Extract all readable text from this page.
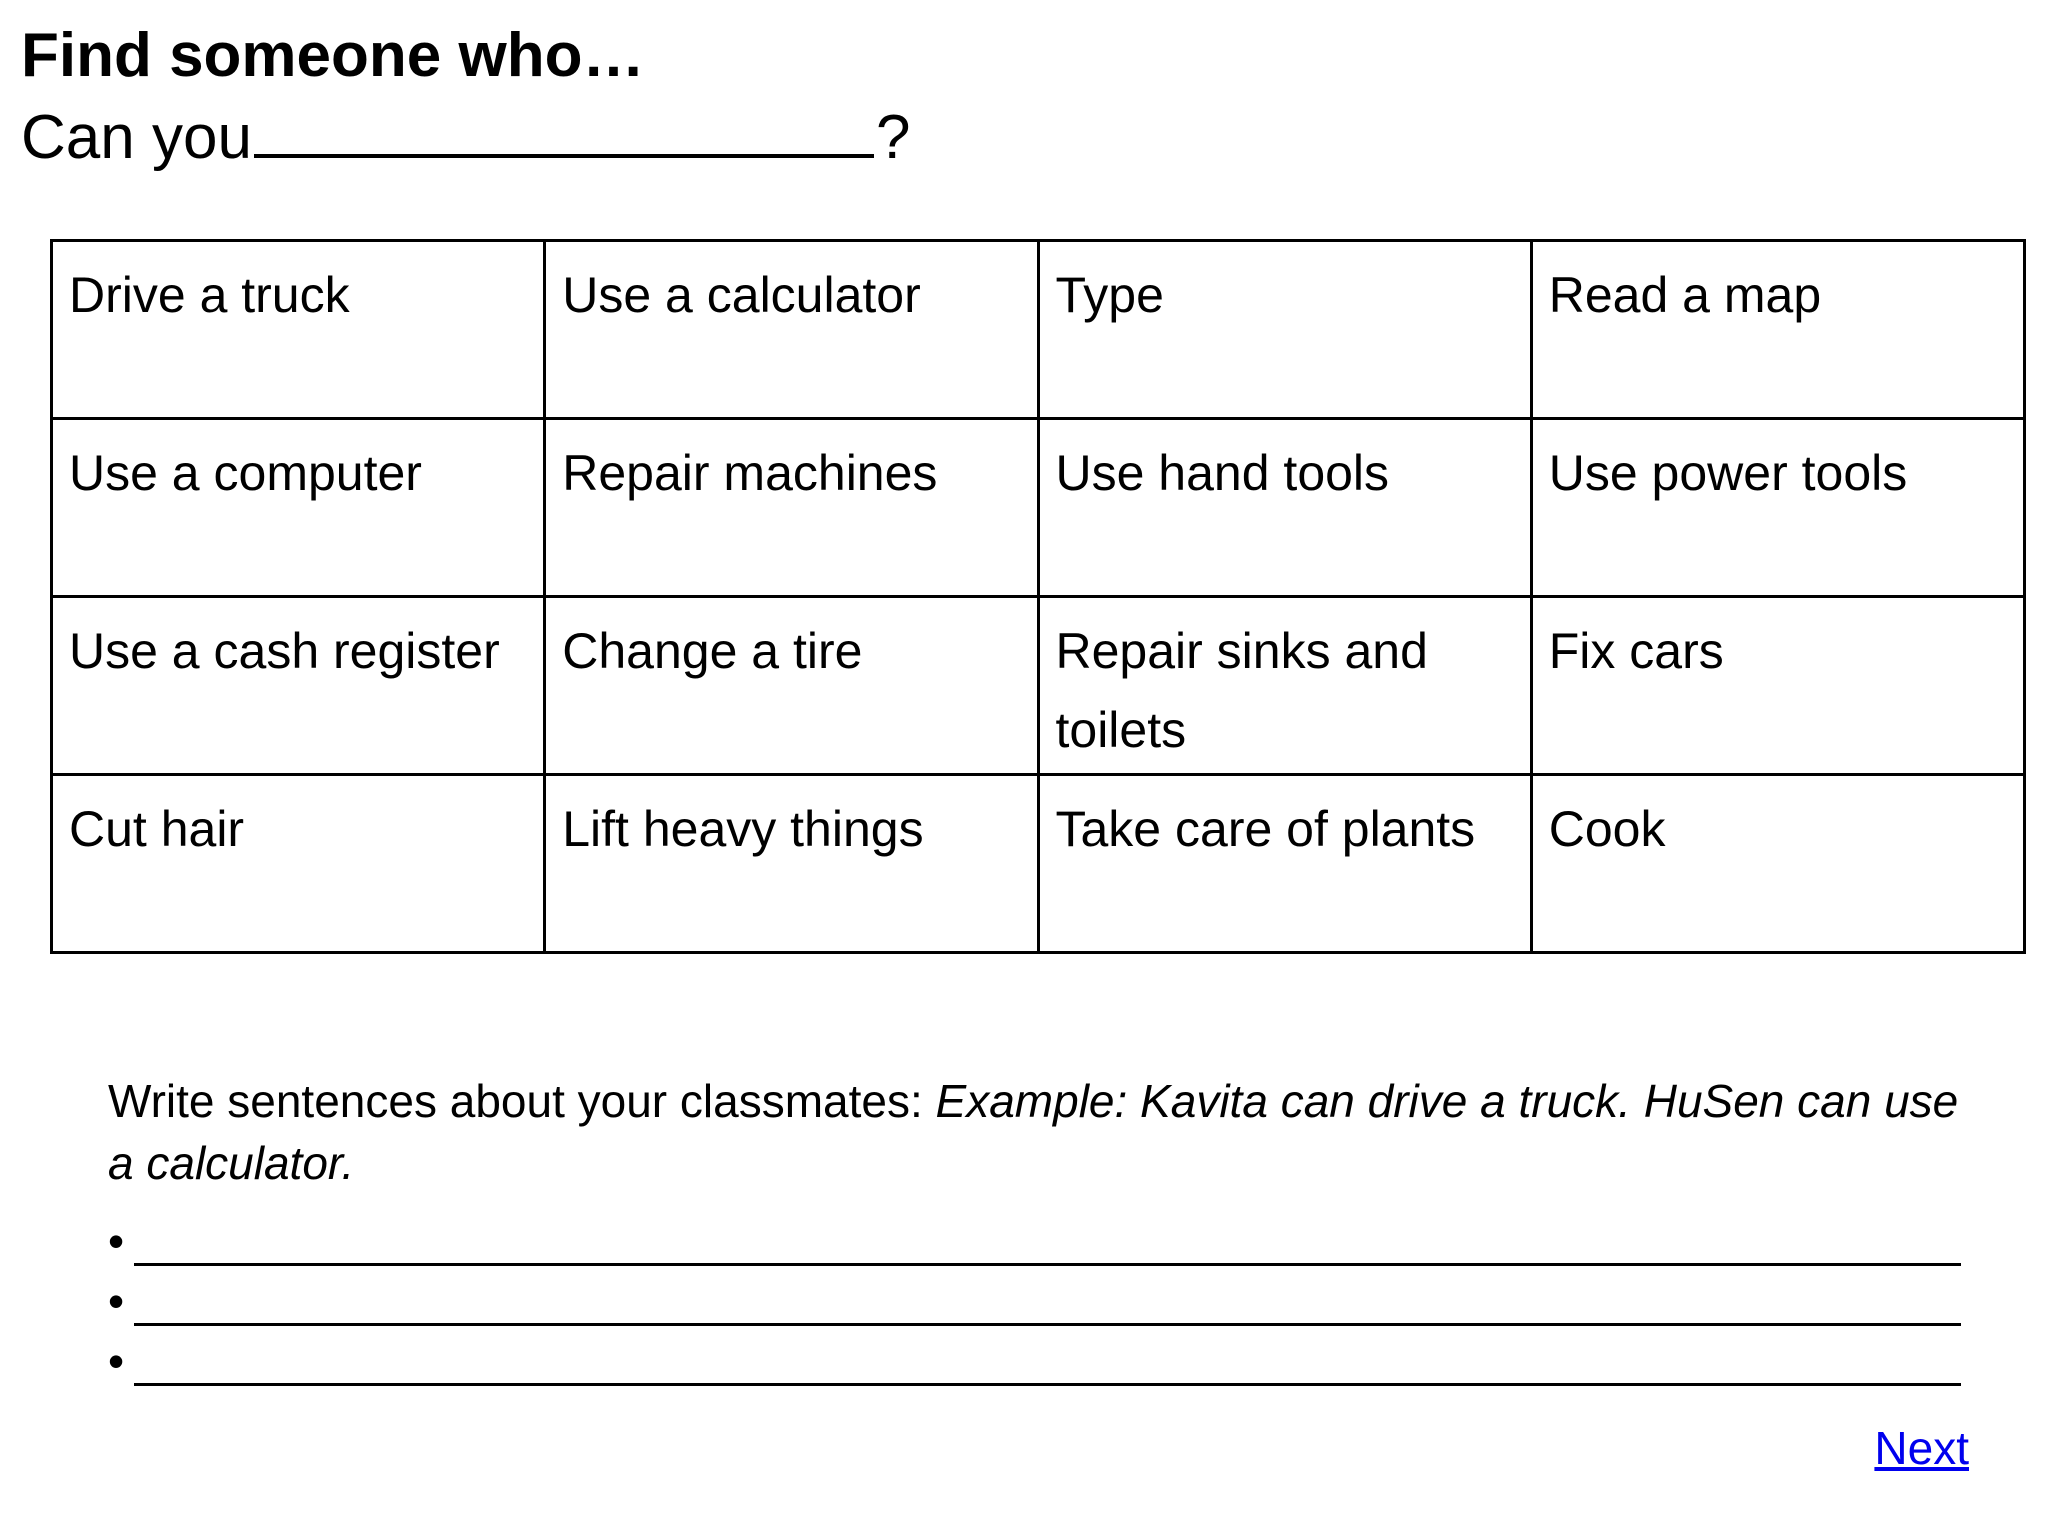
Find someone who…
Can you	?
Drive a truck	Use a calculator	Type	Read a map
Use a computer	Repair machines	Use hand tools	Use power tools
Use a cash register	Change a tire	Repair sinks and toilets	Fix cars
Cut hair	Lift heavy things	Take care of plants	Cook
Write sentences about your classmates: Example: Kavita can drive a truck. HuSen can use a calculator.
•
•
•
Next
